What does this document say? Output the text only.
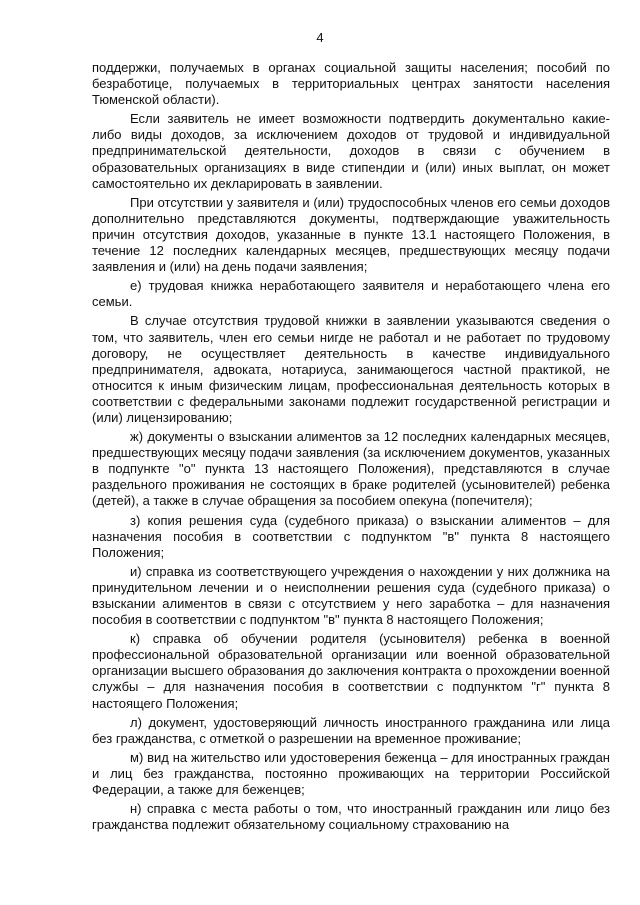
4

поддержки, получаемых в органах социальной защиты населения; пособий по безработице, получаемых в территориальных центрах занятости населения Тюменской области).

Если заявитель не имеет возможности подтвердить документально какие-либо виды доходов, за исключением доходов от трудовой и индивидуальной предпринимательской деятельности, доходов в связи с обучением в образовательных организациях в виде стипендии и (или) иных выплат, он может самостоятельно их декларировать в заявлении.

При отсутствии у заявителя и (или) трудоспособных членов его семьи доходов дополнительно представляются документы, подтверждающие уважительность причин отсутствия доходов, указанные в пункте 13.1 настоящего Положения, в течение 12 последних календарных месяцев, предшествующих месяцу подачи заявления и (или) на день подачи заявления;

е) трудовая книжка неработающего заявителя и неработающего члена его семьи.

В случае отсутствия трудовой книжки в заявлении указываются сведения о том, что заявитель, член его семьи нигде не работал и не работает по трудовому договору, не осуществляет деятельность в качестве индивидуального предпринимателя, адвоката, нотариуса, занимающегося частной практикой, не относится к иным физическим лицам, профессиональная деятельность которых в соответствии с федеральными законами подлежит государственной регистрации и (или) лицензированию;

ж) документы о взыскании алиментов за 12 последних календарных месяцев, предшествующих месяцу подачи заявления (за исключением документов, указанных в подпункте "о" пункта 13 настоящего Положения), представляются в случае раздельного проживания не состоящих в браке родителей (усыновителей) ребенка (детей), а также в случае обращения за пособием опекуна (попечителя);

з) копия решения суда (судебного приказа) о взыскании алиментов – для назначения пособия в соответствии с подпунктом "в" пункта 8 настоящего Положения;

и) справка из соответствующего учреждения о нахождении у них должника на принудительном лечении и о неисполнении решения суда (судебного приказа) о взыскании алиментов в связи с отсутствием у него заработка – для назначения пособия в соответствии с подпунктом "в" пункта 8 настоящего Положения;

к) справка об обучении родителя (усыновителя) ребенка в военной профессиональной образовательной организации или военной образовательной организации высшего образования до заключения контракта о прохождении военной службы – для назначения пособия в соответствии с подпунктом "г" пункта 8 настоящего Положения;

л) документ, удостоверяющий личность иностранного гражданина или лица без гражданства, с отметкой о разрешении на временное проживание;

м) вид на жительство или удостоверения беженца – для иностранных граждан и лиц без гражданства, постоянно проживающих на территории Российской Федерации, а также для беженцев;

н) справка с места работы о том, что иностранный гражданин или лицо без гражданства подлежит обязательному социальному страхованию на
